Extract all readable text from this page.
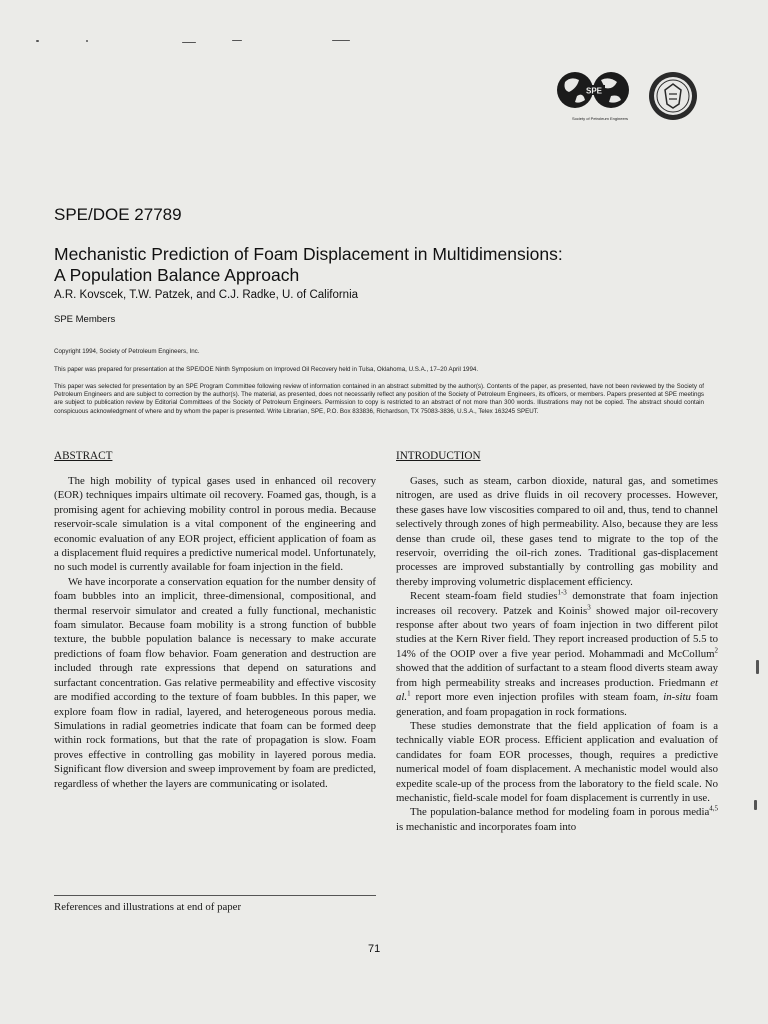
SPE
Society of Petroleum Engineers
SPE/DOE 27789
Mechanistic Prediction of Foam Displacement in Multidimensions:
A Population Balance Approach
A.R. Kovscek, T.W. Patzek, and C.J. Radke, U. of California
SPE Members
Copyright 1994, Society of Petroleum Engineers, Inc.
This paper was prepared for presentation at the SPE/DOE Ninth Symposium on Improved Oil Recovery held in Tulsa, Oklahoma, U.S.A., 17–20 April 1994.
This paper was selected for presentation by an SPE Program Committee following review of information contained in an abstract submitted by the author(s). Contents of the paper, as presented, have not been reviewed by the Society of Petroleum Engineers and are subject to correction by the author(s). The material, as presented, does not necessarily reflect any position of the Society of Petroleum Engineers, its officers, or members. Papers presented at SPE meetings are subject to publication review by Editorial Committees of the Society of Petroleum Engineers. Permission to copy is restricted to an abstract of not more than 300 words. Illustrations may not be copied. The abstract should contain conspicuous acknowledgment of where and by whom the paper is presented. Write Librarian, SPE, P.O. Box 833836, Richardson, TX 75083-3836, U.S.A., Telex 163245 SPEUT.
ABSTRACT

The high mobility of typical gases used in enhanced oil recovery (EOR) techniques impairs ultimate oil recovery. Foamed gas, though, is a promising agent for achieving mobility control in porous media. Because reservoir-scale simulation is a vital component of the engineering and economic evaluation of any EOR project, efficient application of foam as a displacement fluid requires a predictive numerical model. Unfortunately, no such model is currently available for foam injection in the field.

We have incorporate a conservation equation for the number density of foam bubbles into an implicit, three-dimensional, compositional, and thermal reservoir simulator and created a fully functional, mechanistic foam simulator. Because foam mobility is a strong function of bubble texture, the bubble population balance is necessary to make accurate predictions of foam flow behavior. Foam generation and destruction are included through rate expressions that depend on saturations and surfactant concentration. Gas relative permeability and effective viscosity are modified according to the texture of foam bubbles. In this paper, we explore foam flow in radial, layered, and heterogeneous porous media. Simulations in radial geometries indicate that foam can be formed deep within rock formations, but that the rate of propagation is slow. Foam proves effective in controlling gas mobility in layered porous media. Significant flow diversion and sweep improvement by foam are predicted, regardless of whether the layers are communicating or isolated.

References and illustrations at end of paper
INTRODUCTION

Gases, such as steam, carbon dioxide, natural gas, and sometimes nitrogen, are used as drive fluids in oil recovery processes. However, these gases have low viscosities compared to oil and, thus, tend to channel selectively through zones of high permeability. Also, because they are less dense than crude oil, these gases tend to migrate to the top of the reservoir, overriding the oil-rich zones. Traditional gas-displacement processes are improved substantially by controlling gas mobility and thereby improving volumetric displacement efficiency.

Recent steam-foam field studies$^{1-3}$ demonstrate that foam injection increases oil recovery. Patzek and Koinis$^3$ showed major oil-recovery response after about two years of foam injection in two different pilot studies at the Kern River field. They report increased production of 5.5 to 14% of the OOIP over a five year period. Mohammadi and McCollum$^2$ showed that the addition of surfactant to a steam flood diverts steam away from high permeability streaks and increases production. Friedmann et al.$^1$ report more even injection profiles with steam foam, in-situ foam generation, and foam propagation in rock formations.

These studies demonstrate that the field application of foam is a technically viable EOR process. Efficient application and evaluation of candidates for foam EOR processes, though, requires a predictive numerical model of foam displacement. A mechanistic model would also expedite scale-up of the process from the laboratory to the field scale. No mechanistic, field-scale model for foam displacement is currently in use.

The population-balance method for modeling foam in porous media$^{4,5}$ is mechanistic and incorporates foam into

71
